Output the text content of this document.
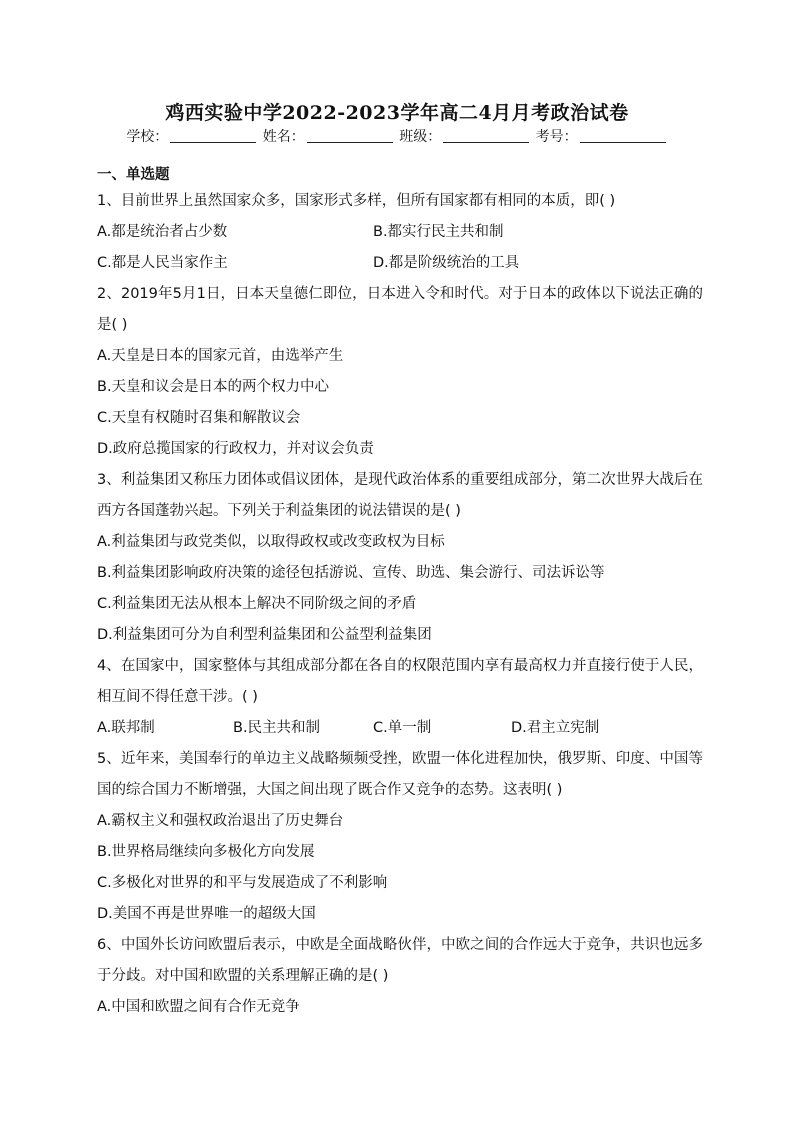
鸡西实验中学2022-2023学年高二4月月考政治试卷
学校：	姓名：	班级：	考号：
一、单选题
1、目前世界上虽然国家众多，国家形式多样，但所有国家都有相同的本质，即( )
A.都是统治者占少数	B.都实行民主共和制
C.都是人民当家作主	D.都是阶级统治的工具
2、2019年5月1日，日本天皇德仁即位，日本进入令和时代。对于日本的政体以下说法正确的是( )
A.天皇是日本的国家元首，由选举产生
B.天皇和议会是日本的两个权力中心
C.天皇有权随时召集和解散议会
D.政府总揽国家的行政权力，并对议会负责
3、利益集团又称压力团体或倡议团体，是现代政治体系的重要组成部分，第二次世界大战后在西方各国蓬勃兴起。下列关于利益集团的说法错误的是( )
A.利益集团与政党类似，以取得政权或改变政权为目标
B.利益集团影响政府决策的途径包括游说、宣传、助选、集会游行、司法诉讼等
C.利益集团无法从根本上解决不同阶级之间的矛盾
D.利益集团可分为自利型利益集团和公益型利益集团
4、在国家中，国家整体与其组成部分都在各自的权限范围内享有最高权力并直接行使于人民，相互间不得任意干涉。( )
A.联邦制	B.民主共和制	C.单一制	D.君主立宪制
5、近年来，美国奉行的单边主义战略频频受挫，欧盟一体化进程加快，俄罗斯、印度、中国等国的综合国力不断增强，大国之间出现了既合作又竞争的态势。这表明( )
A.霸权主义和强权政治退出了历史舞台
B.世界格局继续向多极化方向发展
C.多极化对世界的和平与发展造成了不利影响
D.美国不再是世界唯一的超级大国
6、中国外长访问欧盟后表示，中欧是全面战略伙伴，中欧之间的合作远大于竞争，共识也远多于分歧。对中国和欧盟的关系理解正确的是( )
A.中国和欧盟之间有合作无竞争
